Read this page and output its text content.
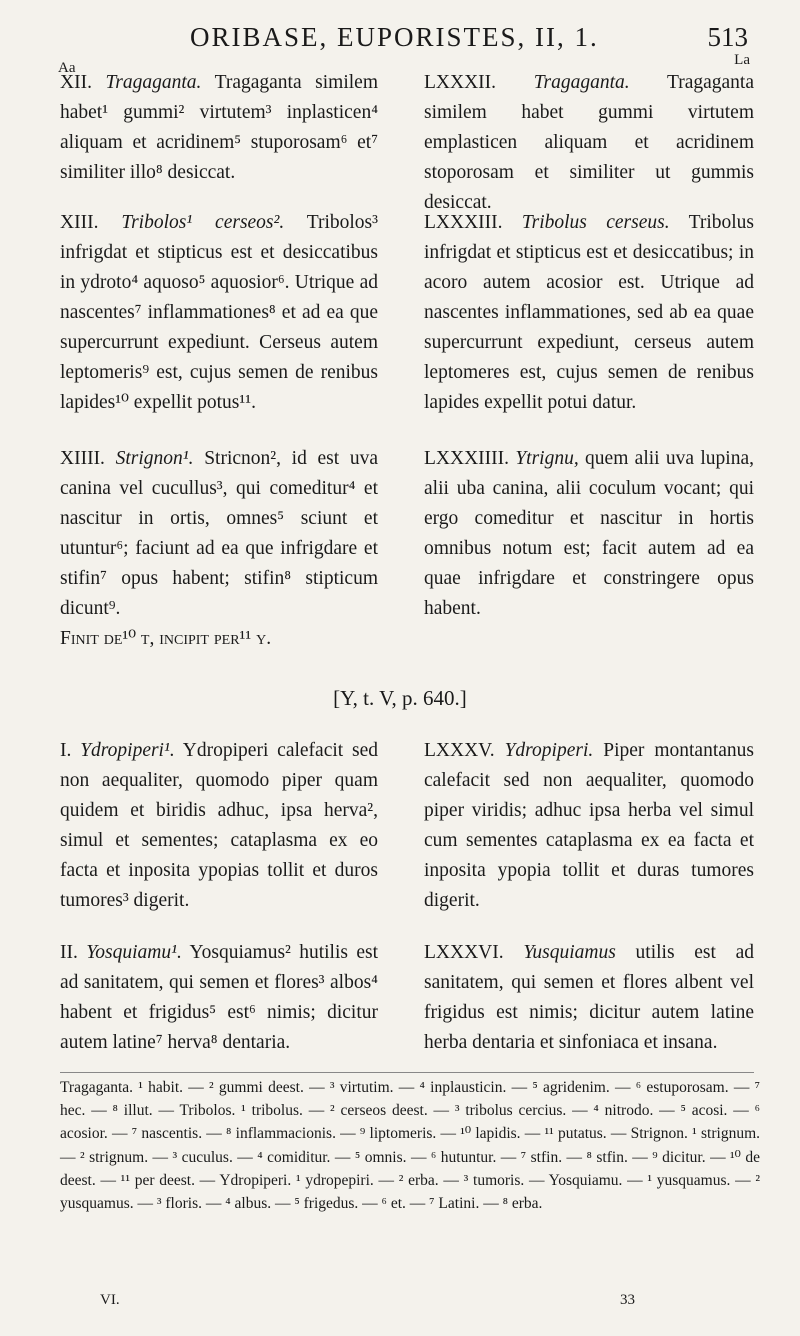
ORIBASE, EUPORISTES, II, 1.	513
Aa	La

XII. Tragaganta. Tragaganta similem habet¹ gummi² virtutem³ inplasticen⁴ aliquam et acridinem⁵ stuporosam⁶ et⁷ similiter illo⁸ desiccat.

LXXXII. Tragaganta. Tragaganta similem habet gummi virtutem emplasticen aliquam et acridinem stoporosam et similiter ut gummis desiccat.

XIII. Tribolos¹ cerseos². Tribolos³ infrigdat et stipticus est et desiccatibus in ydroto⁴ aquoso⁵ aquosior⁶. Utrique ad nascentes⁷ inflammationes⁸ et ad ea que supercurrunt expediunt. Cerseus autem leptomeris⁹ est, cujus semen de renibus lapides¹⁰ expellit potus¹¹.

LXXXIII. Tribolus cerseus. Tribolus infrigdat et stipticus est et desiccatibus; in acoro autem acosior est. Utrique ad nascentes inflammationes, sed ab ea quae supercurrunt expediunt, cerseus autem leptomeres est, cujus semen de renibus lapides expellit potui datur.

XIIII. Strignon¹. Stricnon², id est uva canina vel cucullus³, qui comeditur⁴ et nascitur in ortis, omnes⁵ sciunt et utuntur⁶; faciunt ad ea que infrigdare et stifin⁷ opus habent; stifin⁸ stipticum dicunt⁹.

Finit de¹⁰ t, incipit per¹¹ y.

LXXXIIII. Ytrignu, quem alii uva lupina, alii uba canina, alii coculum vocant; qui ergo comeditur et nascitur in hortis omnibus notum est; facit autem ad ea quae infrigdare et constringere opus habent.

[Υ, t. V, p. 640.]

I. Ydropiperi¹. Ydropiperi calefacit sed non aequaliter, quomodo piper quam quidem et biridis adhuc, ipsa herva², simul et sementes; cataplasma ex eo facta et inposita ypopias tollit et duros tumores³ digerit.

LXXXV. Ydropiperi. Piper montantanus calefacit sed non aequaliter, quomodo piper viridis; adhuc ipsa herba vel simul cum sementes cataplasma ex ea facta et inposita ypopia tollit et duras tumores digerit.

II. Yosquiamu¹. Yosquiamus² hutilis est ad sanitatem, qui semen et flores³ albos⁴ habent et frigidus⁵ est⁶ nimis; dicitur autem latine⁷ herva⁸ dentaria.

LXXXVI. Yusquiamus utilis est ad sanitatem, qui semen et flores albent vel frigidus est nimis; dicitur autem latine herba dentaria et sinfoniaca et insana.

Tragaganta. ¹ habit. — ² gummi deest. — ³ virtutim. — ⁴ inplausticin. — ⁵ agridenim. — ⁶ estuporosam. — ⁷ hec. — ⁸ illut. — Tribolos. ¹ tribolus. — ² cerseos deest. — ³ tribolus cercius. — ⁴ nitrodo. — ⁵ acosi. — ⁶ acosior. — ⁷ nascentis. — ⁸ inflammacionis. — ⁹ liptomeris. — ¹⁰ lapidis. — ¹¹ putatus. — Strignon. ¹ strignum. — ² strignum. — ³ cuculus. — ⁴ comiditur. — ⁵ omnis. — ⁶ hutuntur. — ⁷ stfin. — ⁸ stfin. — ⁹ dicitur. — ¹⁰ de deest. — ¹¹ per deest. — Ydropiperi. ¹ ydropepiri. — ² erba. — ³ tumoris. — Yosquiamu. — ¹ yusquamus. — ² yusquamus. — ³ floris. — ⁴ albus. — ⁵ frigedus. — ⁶ et. — ⁷ Latini. — ⁸ erba.
VI.	33
